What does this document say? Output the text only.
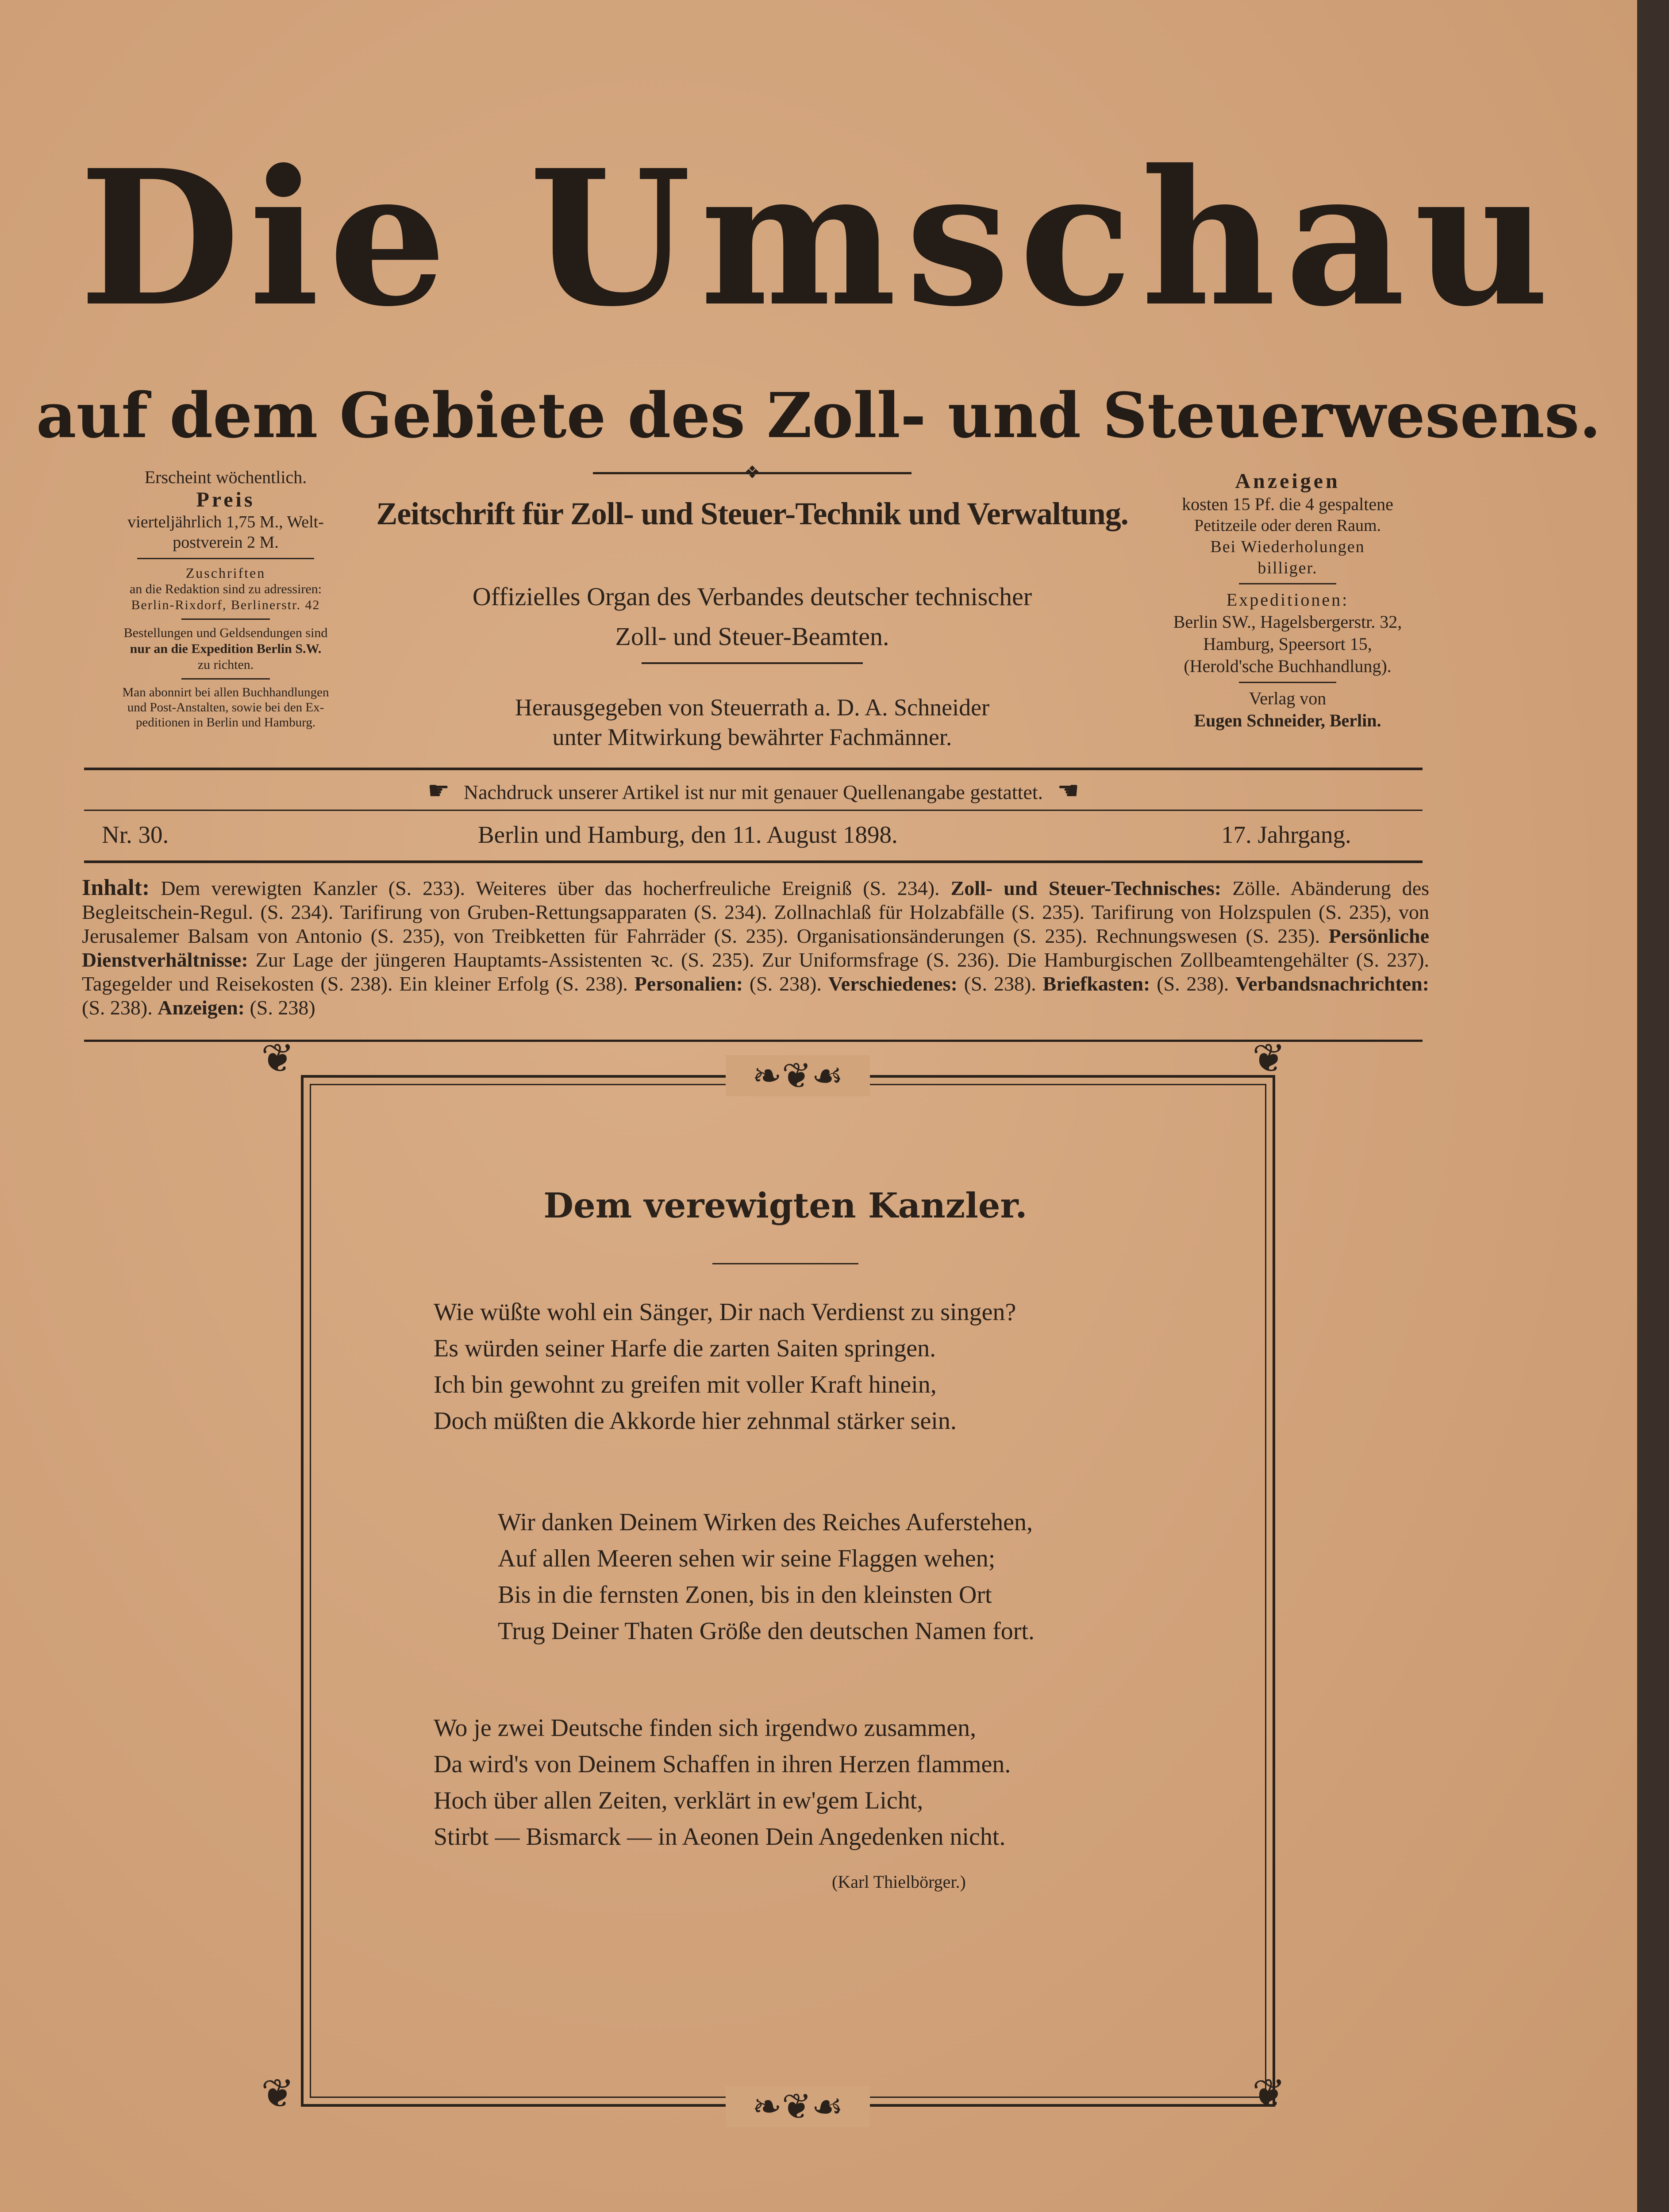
Die Umschau
auf dem Gebiete des Zoll- und Steuerwesens.
❖
Erscheint wöchentlich.
Preis
vierteljährlich 1,75 M., Welt-
postverein 2 M.
Zuschriften
an die Redaktion sind zu adressiren:
Berlin-Rixdorf, Berlinerstr. 42
Bestellungen und Geldsendungen sind
nur an die Expedition Berlin S.W.
zu richten.
Man abonnirt bei allen Buchhandlungen
und Post-Anstalten, sowie bei den Ex-
peditionen in Berlin und Hamburg.
Zeitschrift für Zoll- und Steuer-Technik und Verwaltung.
Offizielles Organ des Verbandes deutscher technischer
Zoll- und Steuer-Beamten.
Herausgegeben von Steuerrath a. D. A. Schneider
unter Mitwirkung bewährter Fachmänner.
Anzeigen
kosten 15 Pf. die 4 gespaltene
Petitzeile oder deren Raum.
Bei Wiederholungen
billiger.
Expeditionen:
Berlin SW., Hagelsbergerstr. 32,
Hamburg, Speersort 15,
(Herold'sche Buchhandlung).
Verlag von
Eugen Schneider, Berlin.
☛ Nachdruck unserer Artikel ist nur mit genauer Quellenangabe gestattet. ☛
Nr. 30.	Berlin und Hamburg, den 11. August 1898.	17. Jahrgang.
Inhalt: Dem verewigten Kanzler (S. 233). Weiteres über das hocherfreuliche Ereigniß (S. 234). Zoll- und Steuer-Technisches: Zölle. Abänderung des Begleitschein-Regul. (S. 234). Tarifirung von Gruben-Rettungsapparaten (S. 234). Zollnachlaß für Holzabfälle (S. 235). Tarifirung von Holzspulen (S. 235), von Jerusalemer Balsam von Antonio (S. 235), von Treibketten für Fahrräder (S. 235). Organisationsänderungen (S. 235). Rechnungswesen (S. 235). Persönliche Dienstverhältnisse: Zur Lage der jüngeren Hauptamts-Assistenten ꝛc. (S. 235). Zur Uniformsfrage (S. 236). Die Hamburgischen Zollbeamtengehälter (S. 237). Tagegelder und Reisekosten (S. 238). Ein kleiner Erfolg (S. 238). Personalien: (S. 238). Verschiedenes: (S. 238). Briefkasten: (S. 238). Verbandsnachrichten: (S. 238). Anzeigen: (S. 238)
❦	❦
❦	❦
❧❦☙
❧❦☙
Dem verewigten Kanzler.
Wie wüßte wohl ein Sänger, Dir nach Verdienst zu singen?
Es würden seiner Harfe die zarten Saiten springen.
Ich bin gewohnt zu greifen mit voller Kraft hinein,
Doch müßten die Akkorde hier zehnmal stärker sein.
Wir danken Deinem Wirken des Reiches Auferstehen,
Auf allen Meeren sehen wir seine Flaggen wehen;
Bis in die fernsten Zonen, bis in den kleinsten Ort
Trug Deiner Thaten Größe den deutschen Namen fort.
Wo je zwei Deutsche finden sich irgendwo zusammen,
Da wird's von Deinem Schaffen in ihren Herzen flammen.
Hoch über allen Zeiten, verklärt in ew'gem Licht,
Stirbt — Bismarck — in Aeonen Dein Angedenken nicht.
(Karl Thielbörger.)
